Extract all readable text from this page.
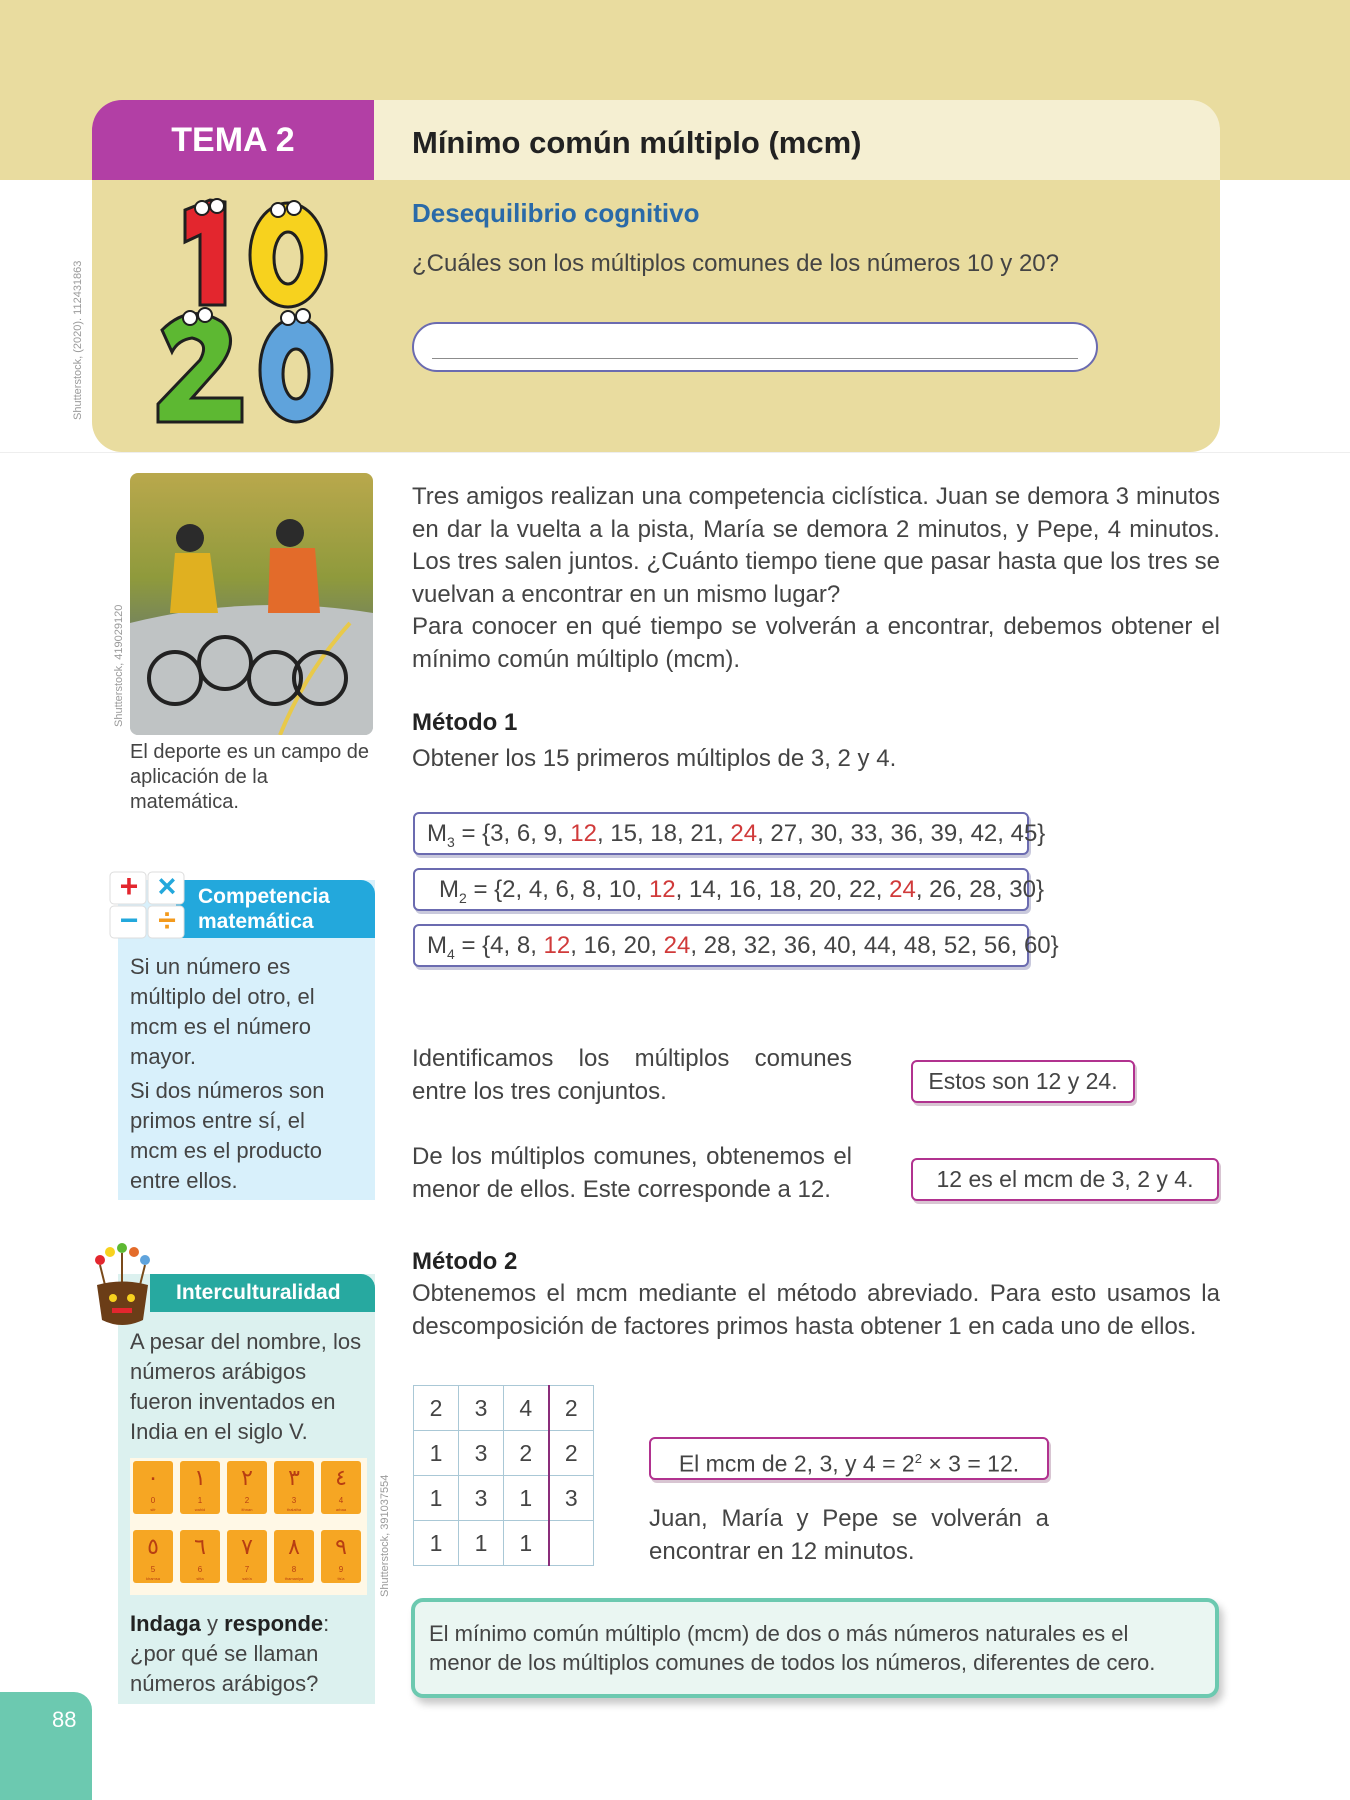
TEMA 2	Mínimo común múltiplo (mcm)
Shutterstock, (2020). 112431863
Desequilibrio cognitivo
¿Cuáles son los múltiplos comunes de los números 10 y 20?
Shutterstock, 419029120
El deporte es un campo de aplicación de la matemática.
Tres amigos realizan una competencia ciclística. Juan se demora 3 minutos en dar la vuelta a la pista, María se demora 2 minutos, y Pepe, 4 minutos. Los tres salen juntos. ¿Cuánto tiempo tiene que pasar hasta que los tres se vuelvan a encontrar en un mismo lugar?
Para conocer en qué tiempo se volverán a encontrar, debemos obtener el mínimo común múltiplo (mcm).
Método 1
Obtener los 15 primeros múltiplos de 3, 2 y 4.
$M_3 = \{3$, 6, 9, 12, 15, 18, 21, 24, 27, 30, 33, 36, 39, 42, 45}
$M_2 = \{2$, 4, 6, 8, 10, 12, 14, 16, 18, 20, 22, 24, 26, 28, 30}
$M_4 = \{4$, 8, 12, 16, 20, 24, 28, 32, 36, 40, 44, 48, 52, 56, 60}
Identificamos los múltiplos comunes entre los tres conjuntos.	Estos son 12 y 24.
De los múltiplos comunes, obtenemos el menor de ellos. Este corresponde a 12.	12 es el mcm de 3, 2 y 4.
Método 2
Obtenemos el mcm mediante el método abreviado. Para esto usamos la descomposición de factores primos hasta obtener 1 en cada uno de ellos.
2	3	4	2
1	3	2	2
1	3	1	3
1	1	1	
El mcm de 2, 3, y $4 = 2^2 \times 3 = 12$.
Juan, María y Pepe se volverán a encontrar en 12 minutos.
El mínimo común múltiplo (mcm) de dos o más números naturales es el menor de los múltiplos comunes de todos los números, diferentes de cero.
+ ×
− ÷
Competencia
matemática
Si un número es múltiplo del otro, el mcm es el número mayor.
Si dos números son primos entre sí, el mcm es el producto entre ellos.
Interculturalidad
A pesar del nombre, los números arábigos fueron inventados en India en el siglo V.
٠
0
sifr
١
1
wahid
٢
2
ithnan
٣
3
thalatha
٤
4
arbaa
٥
5
khamsa
٦
6
sitta
٧
7
sab'a
٨
8
thamaniya
٩
9
tis'a	Shutterstock, 391037554
Indaga y responde: ¿por qué se llaman números arábigos?
88
